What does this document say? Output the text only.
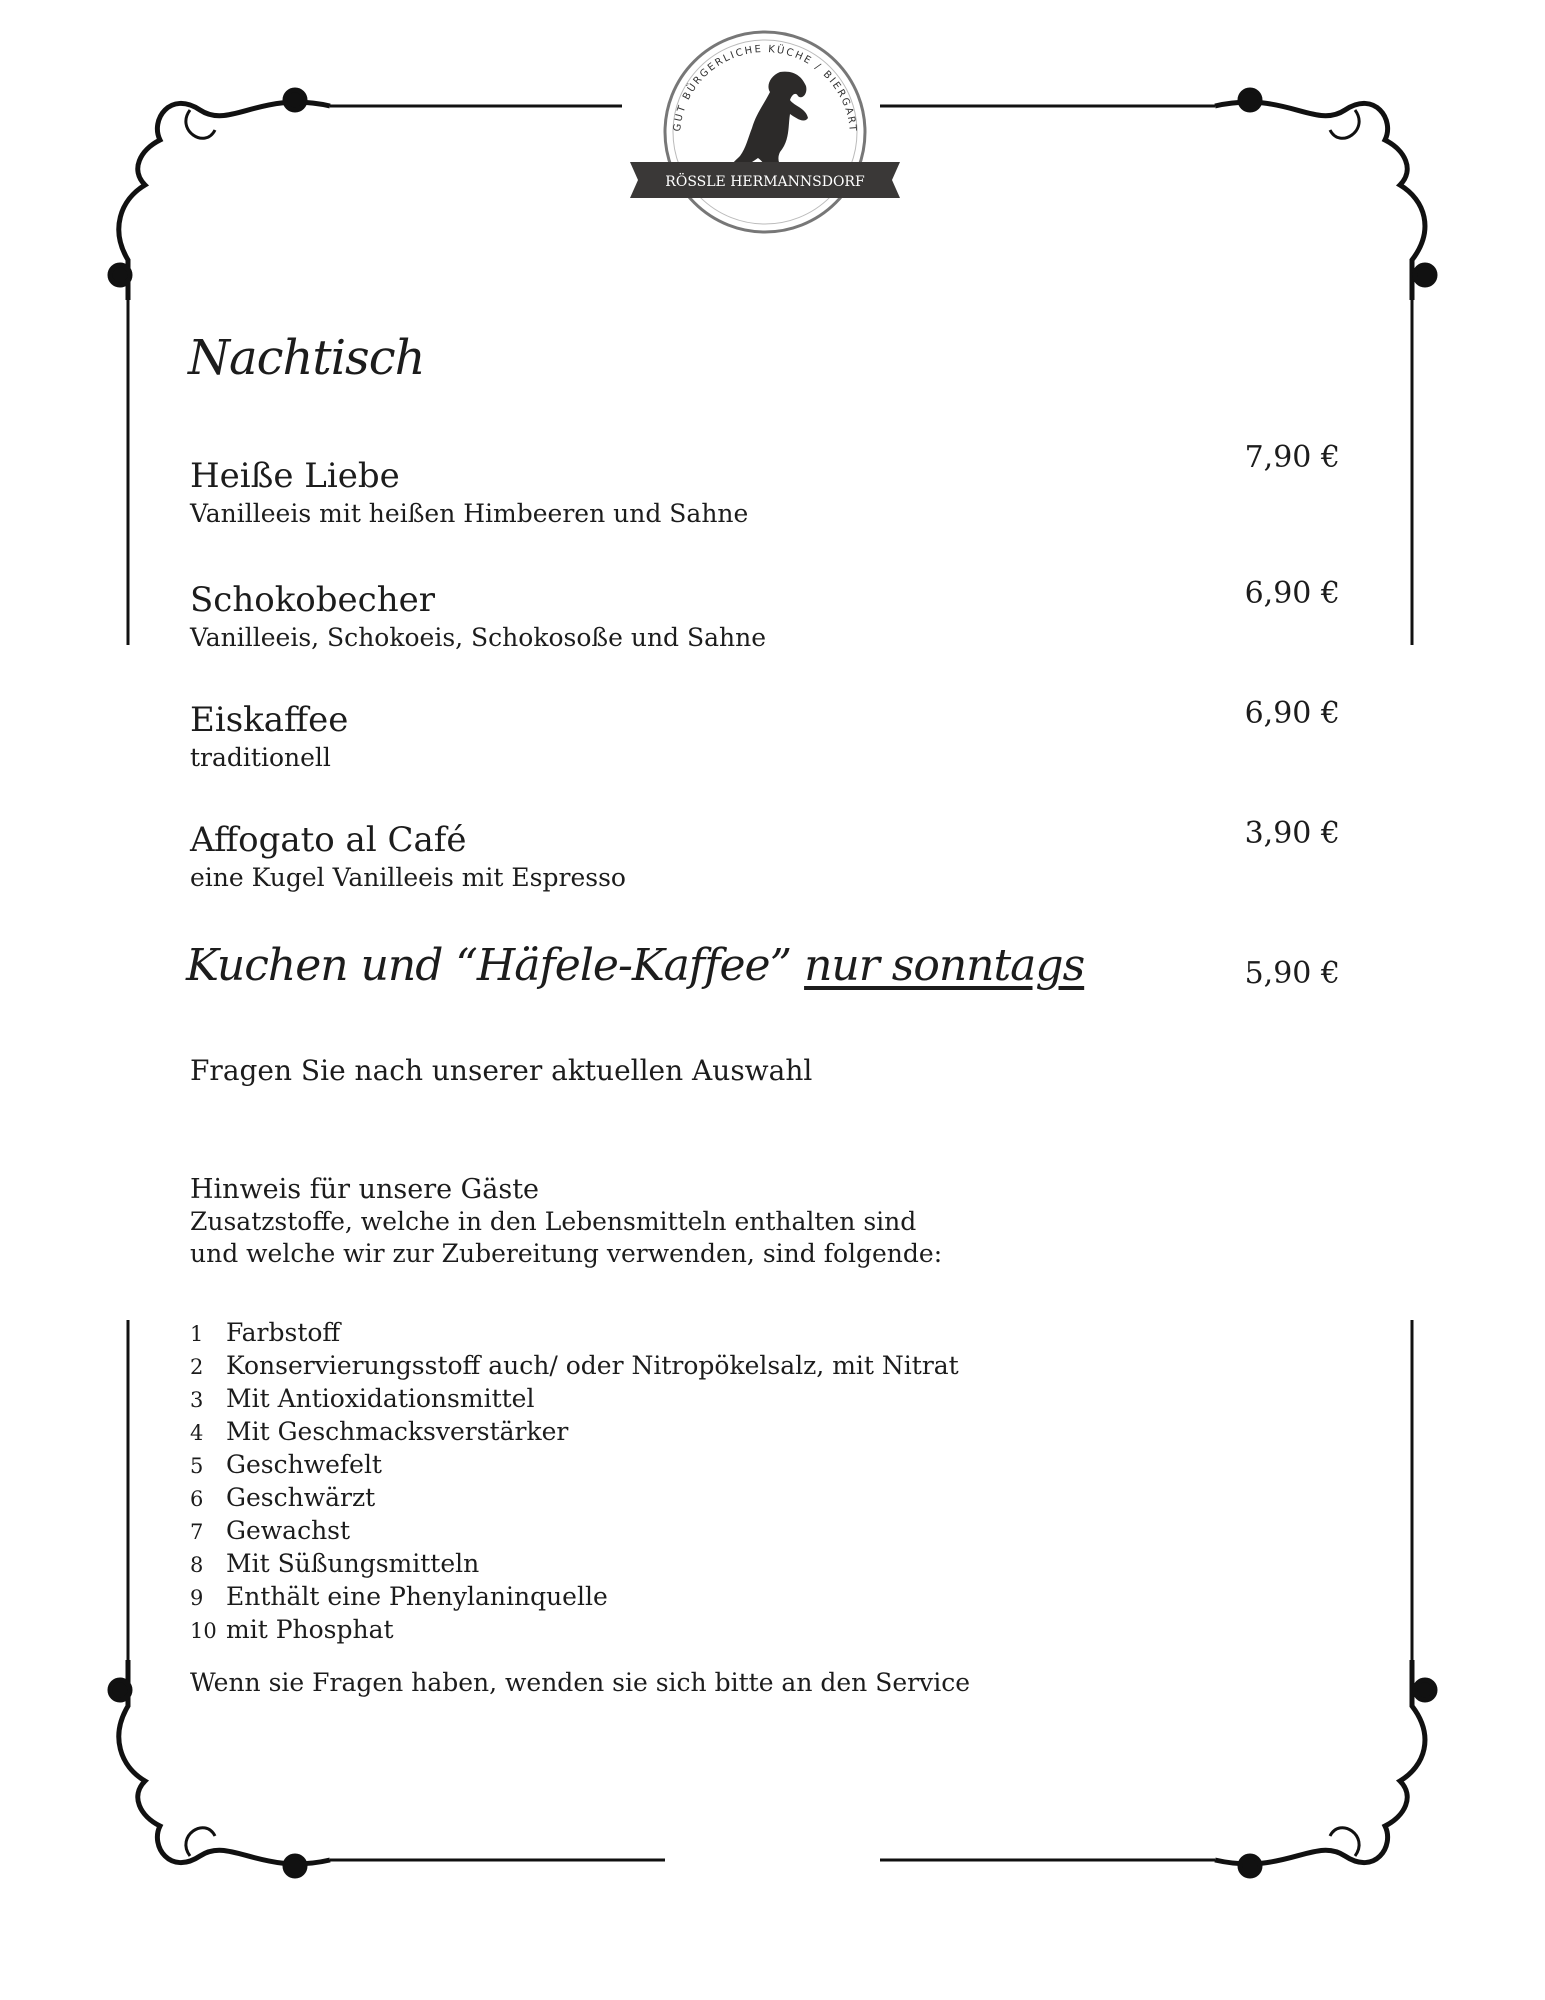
GUT BÜRGERLICHE KÜCHE / BIERGART
RÖSSLE HERMANNSDORF
Nachtisch
Heiße Liebe
Vanilleeis mit heißen Himbeeren und Sahne
7,90 €
Schokobecher
Vanilleeis, Schokoeis, Schokosoße und Sahne
6,90 €
Eiskaffee
traditionell
6,90 €
Affogato al Café
eine Kugel Vanilleeis mit Espresso
3,90 €
Kuchen und “Häfele-Kaffee” nur sonntags	5,90 €
Fragen Sie nach unserer aktuellen Auswahl
Hinweis für unsere Gäste
Zusatzstoffe, welche in den Lebensmitteln enthalten sind
und welche wir zur Zubereitung verwenden, sind folgende:
1 Farbstoff
2 Konservierungsstoff auch/ oder Nitropökelsalz, mit Nitrat
3 Mit Antioxidationsmittel
4 Mit Geschmacksverstärker
5 Geschwefelt
6 Geschwärzt
7 Gewachst
8 Mit Süßungsmitteln
9 Enthält eine Phenylaninquelle
10 mit Phosphat
Wenn sie Fragen haben, wenden sie sich bitte an den Service
